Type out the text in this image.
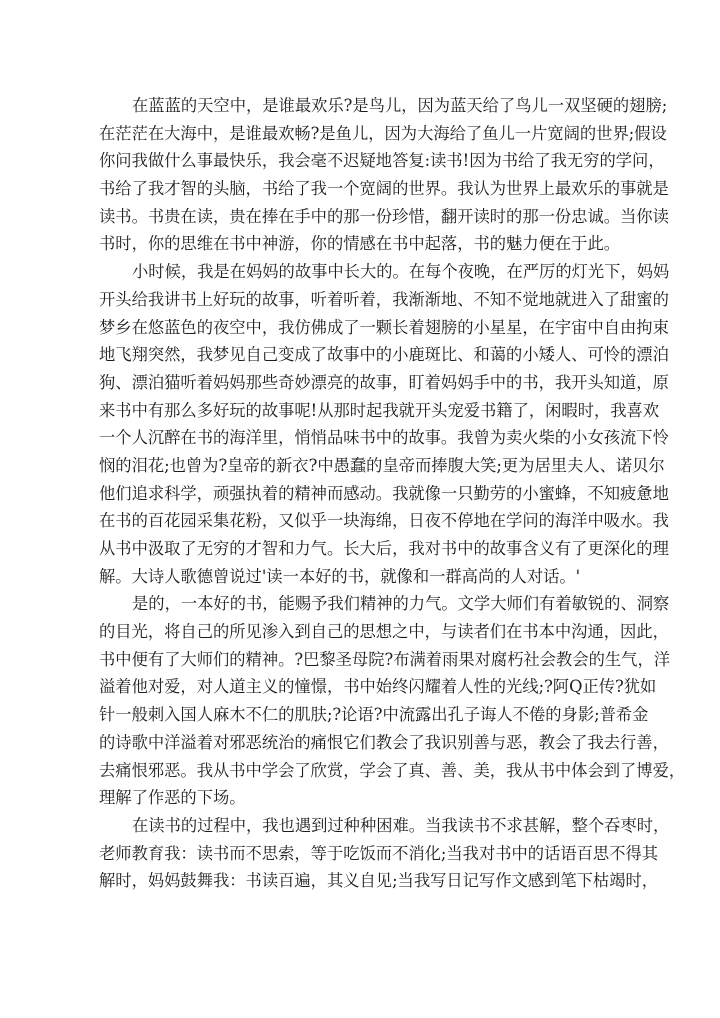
在蓝蓝的天空中，是谁最欢乐?是鸟儿，因为蓝天给了鸟儿一双坚硬的翅膀;
在茫茫在大海中，是谁最欢畅?是鱼儿，因为大海给了鱼儿一片宽阔的世界;假设
你问我做什么事最快乐，我会毫不迟疑地答复:读书!因为书给了我无穷的学问，
书给了我才智的头脑，书给了我一个宽阔的世界。我认为世界上最欢乐的事就是
读书。书贵在读，贵在捧在手中的那一份珍惜，翻开读时的那一份忠诚。当你读
书时，你的思维在书中神游，你的情感在书中起落，书的魅力便在于此。
小时候，我是在妈妈的故事中长大的。在每个夜晚，在严厉的灯光下，妈妈
开头给我讲书上好玩的故事，听着听着，我渐渐地、不知不觉地就进入了甜蜜的
梦乡在悠蓝色的夜空中，我仿佛成了一颗长着翅膀的小星星，在宇宙中自由拘束
地飞翔突然，我梦见自己变成了故事中的小鹿斑比、和蔼的小矮人、可怜的漂泊
狗、漂泊猫听着妈妈那些奇妙漂亮的故事，盯着妈妈手中的书，我开头知道，原
来书中有那么多好玩的故事呢!从那时起我就开头宠爱书籍了，闲暇时，我喜欢
一个人沉醉在书的海洋里，悄悄品味书中的故事。我曾为卖火柴的小女孩流下怜
悯的泪花;也曾为?皇帝的新衣?中愚蠢的皇帝而捧腹大笑;更为居里夫人、诺贝尔
他们追求科学，顽强执着的精神而感动。我就像一只勤劳的小蜜蜂，不知疲惫地
在书的百花园采集花粉，又似乎一块海绵，日夜不停地在学问的海洋中吸水。我
从书中汲取了无穷的才智和力气。长大后，我对书中的故事含义有了更深化的理
解。大诗人歌德曾说过'读一本好的书，就像和一群高尚的人对话。'
是的，一本好的书，能赐予我们精神的力气。文学大师们有着敏锐的、洞察
的目光，将自己的所见渗入到自己的思想之中，与读者们在书本中沟通，因此，
书中便有了大师们的精神。?巴黎圣母院?布满着雨果对腐朽社会教会的生气，洋
溢着他对爱，对人道主义的憧憬，书中始终闪耀着人性的光线;?阿Q正传?犹如
针一般刺入国人麻木不仁的肌肤;?论语?中流露出孔子诲人不倦的身影;普希金
的诗歌中洋溢着对邪恶统治的痛恨它们教会了我识别善与恶，教会了我去行善，
去痛恨邪恶。我从书中学会了欣赏，学会了真、善、美，我从书中体会到了博爱，
理解了作恶的下场。
在读书的过程中，我也遇到过种种困难。当我读书不求甚解，整个吞枣时，
老师教育我：读书而不思索，等于吃饭而不消化;当我对书中的话语百思不得其
解时，妈妈鼓舞我：书读百遍，其义自见;当我写日记写作文感到笔下枯竭时，
